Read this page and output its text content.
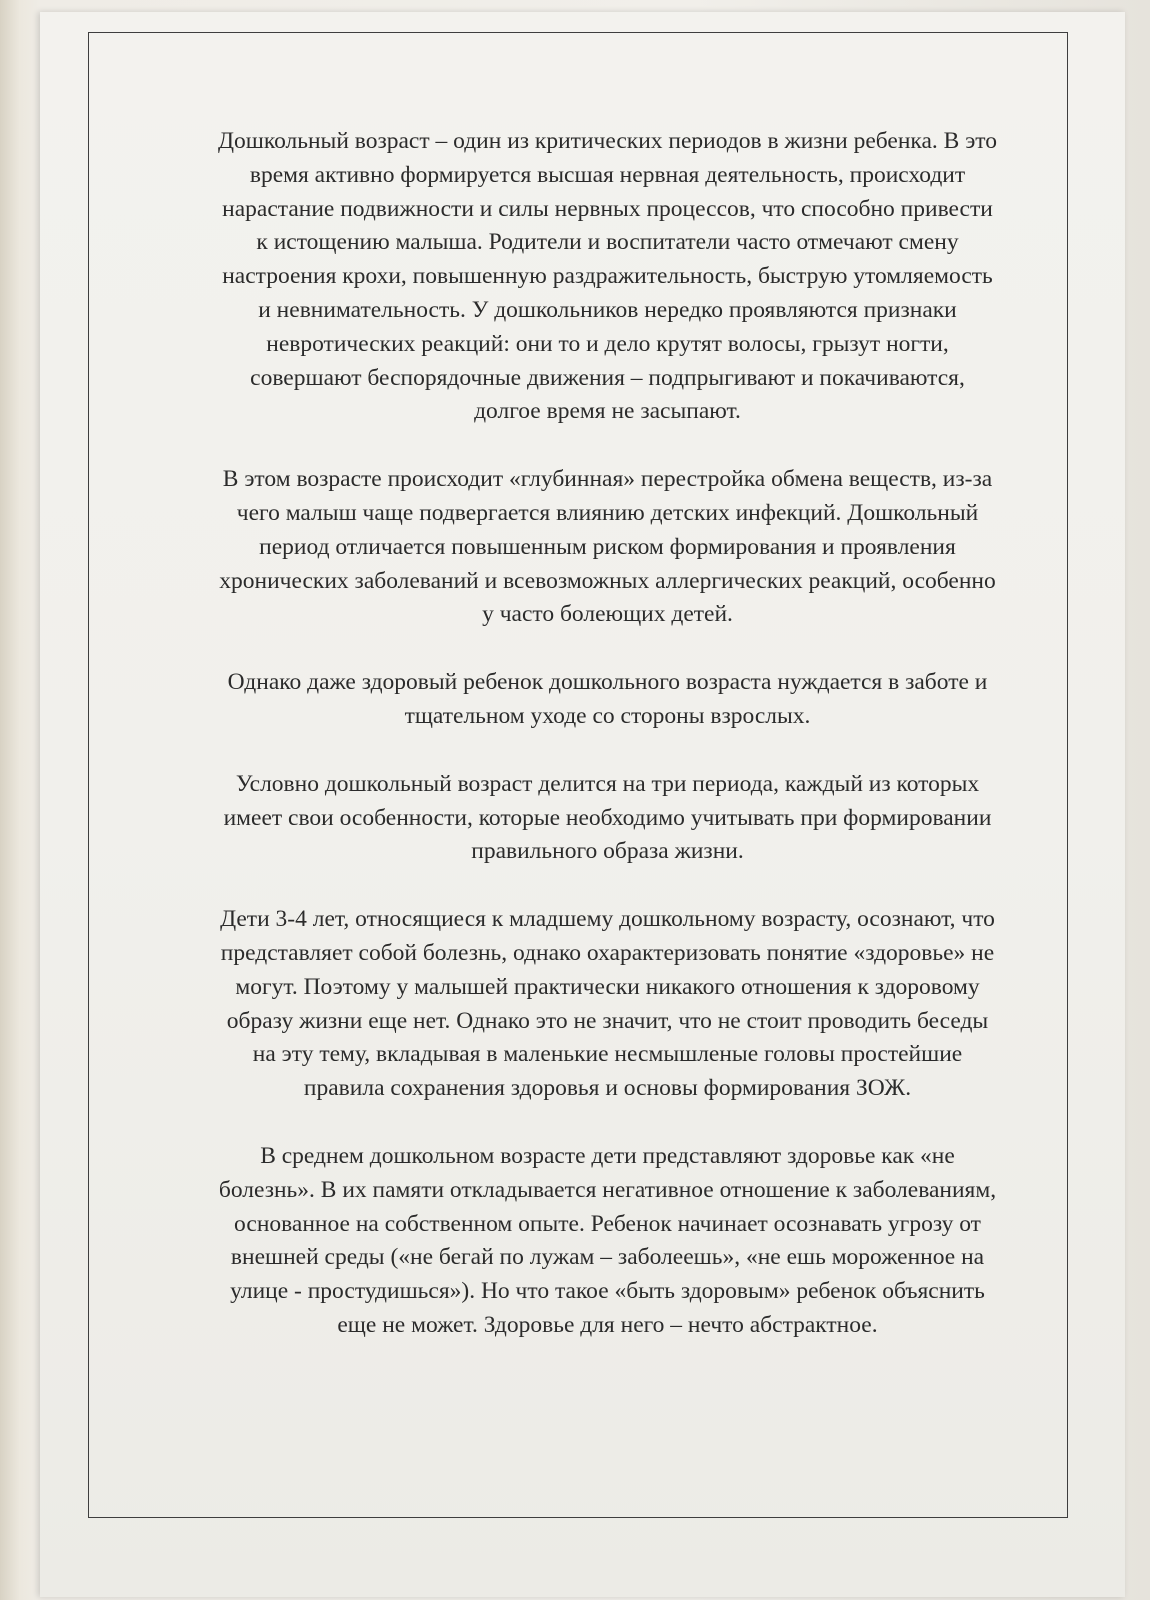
Дошкольный возраст – один из критических периодов в жизни ребенка. В это
время активно формируется высшая нервная деятельность, происходит
нарастание подвижности и силы нервных процессов, что способно привести
к истощению малыша. Родители и воспитатели часто отмечают смену
настроения крохи, повышенную раздражительность, быструю утомляемость
и невнимательность. У дошкольников нередко проявляются признаки
невротических реакций: они то и дело крутят волосы, грызут ногти,
совершают беспорядочные движения – подпрыгивают и покачиваются,
долгое время не засыпают.

В этом возрасте происходит «глубинная» перестройка обмена веществ, из-за
чего малыш чаще подвергается влиянию детских инфекций. Дошкольный
период отличается повышенным риском формирования и проявления
хронических заболеваний и всевозможных аллергических реакций, особенно
у часто болеющих детей.

Однако даже здоровый ребенок дошкольного возраста нуждается в заботе и
тщательном уходе со стороны взрослых.

Условно дошкольный возраст делится на три периода, каждый из которых
имеет свои особенности, которые необходимо учитывать при формировании
правильного образа жизни.

Дети 3-4 лет, относящиеся к младшему дошкольному возрасту, осознают, что
представляет собой болезнь, однако охарактеризовать понятие «здоровье» не
могут. Поэтому у малышей практически никакого отношения к здоровому
образу жизни еще нет. Однако это не значит, что не стоит проводить беседы
на эту тему, вкладывая в маленькие несмышленые головы простейшие
правила сохранения здоровья и основы формирования ЗОЖ.

В среднем дошкольном возрасте дети представляют здоровье как «не
болезнь». В их памяти откладывается негативное отношение к заболеваниям,
основанное на собственном опыте. Ребенок начинает осознавать угрозу от
внешней среды («не бегай по лужам – заболеешь», «не ешь мороженное на
улице - простудишься»). Но что такое «быть здоровым» ребенок объяснить
еще не может. Здоровье для него – нечто абстрактное.
